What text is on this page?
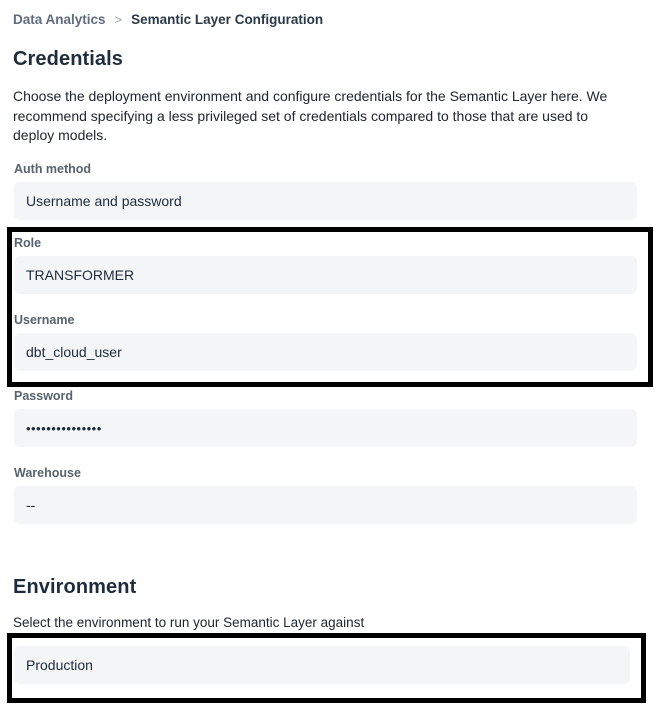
Data Analytics > Semantic Layer Configuration
Credentials
Choose the deployment environment and configure credentials for the Semantic Layer here. We recommend specifying a less privileged set of credentials compared to those that are used to deploy models.
Auth method
Username and password
Role
TRANSFORMER
Username
dbt_cloud_user
Password
•••••••••••••••
Warehouse
--
Environment
Select the environment to run your Semantic Layer against
Production
